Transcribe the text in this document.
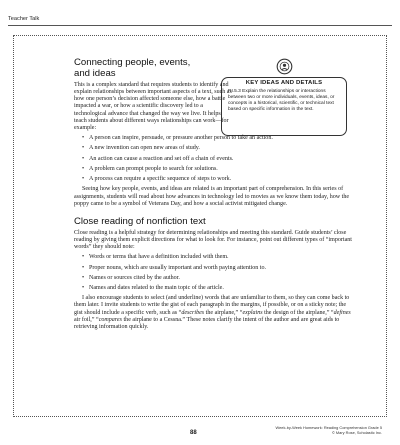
Teacher Talk
KEY IDEAS AND DETAILS
RI.5.3 Explain the relationships or interactions between two or more individuals, events, ideas, or concepts in a historical, scientific, or technical text based on specific information in the text.
Connecting people, events,
and ideas

This is a complex standard that requires students to identify and explain relationships between important aspects of a text, such as how one person’s decision affected someone else, how a battle impacted a war, or how a scientific discovery led to a technological advance that changed the way we live. It helps teach students about different ways relationships can work—for example:

• A person can inspire, persuade, or pressure another person to take an action.
• A new invention can open new areas of study.
• An action can cause a reaction and set off a chain of events.
• A problem can prompt people to search for solutions.
• A process can require a specific sequence of steps to work.

Seeing how key people, events, and ideas are related is an important part of comprehension. In this series of assignments, students will read about how advances in technology led to movies as we know them today, how the poppy came to be a symbol of Veterans Day, and how a social activist mitigated change.

Close reading of nonfiction text

Close reading is a helpful strategy for determining relationships and meeting this standard. Guide students’ close reading by giving them explicit directions for what to look for. For instance, point out different types of “important words” they should note:

• Words or terms that have a definition included with them.
• Proper nouns, which are usually important and worth paying attention to.
• Names or sources cited by the author.
• Names and dates related to the main topic of the article.

I also encourage students to select (and underline) words that are unfamiliar to them, so they can come back to them later. I invite students to write the gist of each paragraph in the margins, if possible, or on a sticky note; the gist should include a specific verb, such as “describes the airplane,” “explains the design of the airplane,” “defines air foil,” “compares the airplane to a Cessna.” These notes clarify the intent of the author and are great aids to retrieving information quickly.

88
Week-by-Week Homework: Reading Comprehension Grade 5
© Mary Rose, Scholastic Inc.
